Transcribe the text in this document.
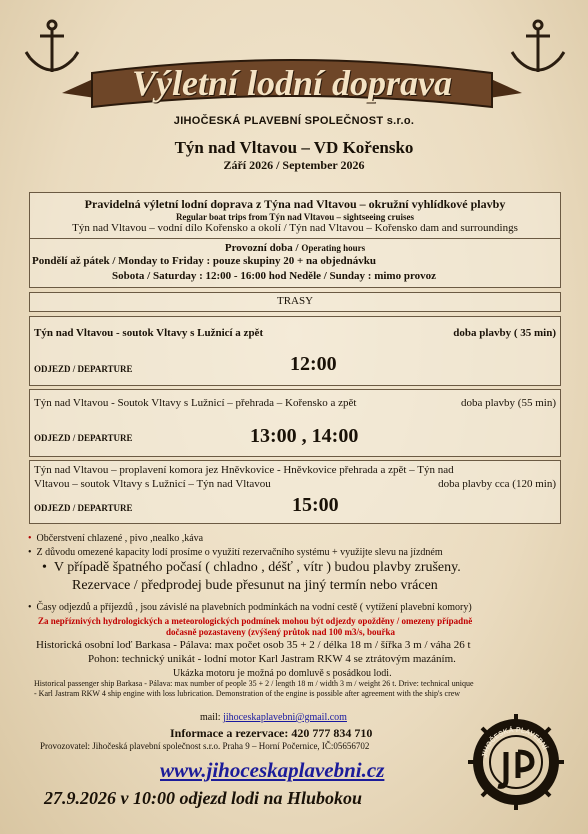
Výletní lodní doprava
JIHOČESKÁ PLAVEBNÍ SPOLEČNOST s.r.o.
Týn nad Vltavou – VD Kořensko
Září 2026 / September 2026
Pravidelná výletní lodní doprava z Týna nad Vltavou – okružní vyhlídkové plavby
Regular boat trips from Týn nad Vltavou – sightseeing cruises
Týn nad Vltavou – vodní dílo Kořensko a okolí / Týn nad Vltavou – Kořensko dam and surroundings
Provozní doba / Operating hours
Pondělí až pátek / Monday to Friday : pouze skupiny 20 + na objednávku
Sobota / Saturday : 12:00 - 16:00 hod Neděle / Sunday : mimo provoz
TRASY
Týn nad Vltavou - soutok Vltavy s Lužnicí a zpět	doba plavby ( 35 min)
ODJEZD / DEPARTURE	12:00
Týn nad Vltavou - Soutok Vltavy s Lužnicí – přehrada – Kořensko a zpět	doba plavby (55 min)
ODJEZD / DEPARTURE	13:00 , 14:00
Týn nad Vltavou – proplavení komora jez Hněvkovice - Hněvkovice přehrada a zpět – Týn nad
Vltavou – soutok Vltavy s Lužnicí – Týn nad Vltavou	doba plavby cca (120 min)
ODJEZD / DEPARTURE	15:00
• Občerstvení chlazené , pivo ,nealko ,káva
• Z důvodu omezené kapacity lodí prosíme o využití rezervačního systému + využijte slevu na jízdném
• V případě špatného počasí ( chladno , déšť , vítr ) budou plavby zrušeny.
Rezervace / předprodej bude přesunut na jiný termín nebo vrácen
• Časy odjezdů a příjezdů , jsou závislé na plavebních podmínkách na vodní cestě ( vytížení plavební komory)
Za nepříznivých hydrologických a meteorologických podmínek mohou být odjezdy opožděny / omezeny případně
dočasně pozastaveny (zvýšený průtok nad 100 m3/s, bouřka
Historická osobní loď Barkasa - Pálava: max počet osob 35 + 2 / délka 18 m / šířka 3 m / váha 26 t
Pohon: technický unikát - lodní motor Karl Jastram RKW 4 se ztrátovým mazáním.
Ukázka motoru je možná po domluvě s posádkou lodi.
Historical passenger ship Barkasa - Pálava: max number of people 35 + 2 / length 18 m / width 3 m / weight 26 t. Drive: technical unique
- Karl Jastram RKW 4 ship engine with loss lubrication. Demonstration of the engine is possible after agreement with the ship's crew
mail: jihoceskaplavebni@gmail.com
Informace a rezervace: 420 777 834 710
Provozovatel: Jihočeská plavební společnost s.r.o. Praha 9 – Horní Počernice, IČ:05656702
www.jihoceskaplavebni.cz
27.9.2026 v 10:00 odjezd lodi na Hlubokou
JIHOČESKÁ PLAVEBNÍ
